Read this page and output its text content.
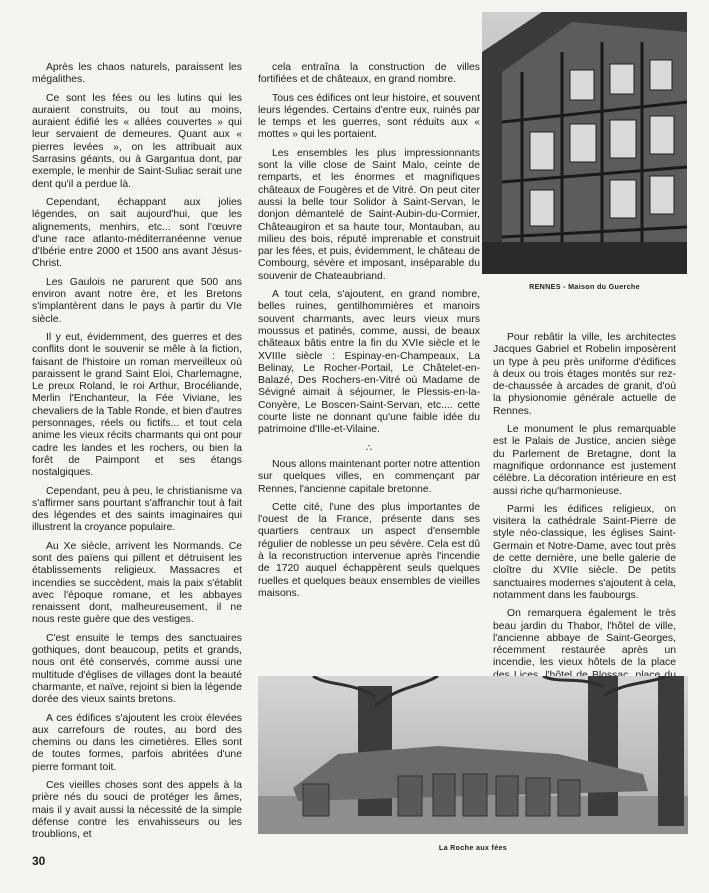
Après les chaos naturels, paraissent les mégalithes.

Ce sont les fées ou les lutins qui les auraient construits, ou tout au moins, auraient édifié les « allées couvertes » qui leur servaient de demeures. Quant aux « pierres levées », on les attribuait aux Sarrasins géants, ou à Gargantua dont, par exemple, le menhir de Saint-Suliac serait une dent qu'il a perdue là.

Cependant, échappant aux jolies légendes, on sait aujourd'hui, que les alignements, menhirs, etc... sont l'œuvre d'une race atlanto-méditerranéenne venue d'Ibérie entre 2000 et 1500 ans avant Jésus-Christ.

Les Gaulois ne parurent que 500 ans environ avant notre ère, et les Bretons s'implantèrent dans le pays à partir du VIe siècle.

Il y eut, évidemment, des guerres et des conflits dont le souvenir se mêle à la fiction, faisant de l'histoire un roman merveilleux où paraissent le grand Saint Eloi, Charlemagne, Le preux Roland, le roi Arthur, Brocéliande, Merlin l'Enchanteur, la Fée Viviane, les chevaliers de la Table Ronde, et bien d'autres personnages, réels ou fictifs... et tout cela anime les vieux récits charmants qui ont pour cadre les landes et les rochers, ou bien la forêt de Paimpont et ses étangs nostalgiques.

Cependant, peu à peu, le christianisme va s'affirmer sans pourtant s'affranchir tout à fait des légendes et des saints imaginaires qui illustrent la croyance populaire.

Au Xe siècle, arrivent les Normands. Ce sont des païens qui pillent et détruisent les établissements religieux. Massacres et incendies se succèdent, mais la paix s'établit avec l'époque romane, et les abbayes renaissent dont, malheureusement, il ne nous reste guère que des vestiges.

C'est ensuite le temps des sanctuaires gothiques, dont beaucoup, petits et grands, nous ont été conservés, comme aussi une multitude d'églises de villages dont la beauté charmante, et naïve, rejoint si bien la légende dorée des vieux saints bretons.

A ces édifices s'ajoutent les croix élevées aux carrefours de routes, au bord des chemins ou dans les cimetières. Elles sont de toutes formes, parfois abritées d'une pierre formant toit.

Ces vieilles choses sont des appels à la prière nés du souci de protéger les âmes, mais il y avait aussi la nécessité de la simple défense contre les envahisseurs ou les troublions, et

cela entraîna la construction de villes fortifiées et de châteaux, en grand nombre.

Tous ces édifices ont leur histoire, et souvent leurs légendes. Certains d'entre eux, ruinés par le temps et les guerres, sont réduits aux « mottes » qui les portaient.

Les ensembles les plus impressionnants sont la ville close de Saint Malo, ceinte de remparts, et les énormes et magnifiques châteaux de Fougères et de Vitré. On peut citer aussi la belle tour Solidor à Saint-Servan, le donjon démantelé de Saint-Aubin-du-Cormier, Châteaugiron et sa haute tour, Montauban, au milieu des bois, réputé imprenable et construit par les fées, et puis, évidemment, le château de Combourg, sévère et imposant, inséparable du souvenir de Chateaubriand.

A tout cela, s'ajoutent, en grand nombre, belles ruines, gentilhommières et manoirs souvent charmants, avec leurs vieux murs moussus et patinés, comme, aussi, de beaux châteaux bâtis entre la fin du XVIe siècle et le XVIIIe siècle : Espinay-en-Champeaux, La Belinay, Le Rocher-Portail, Le Châtelet-en-Balazé, Des Rochers-en-Vitré où Madame de Sévigné aimait à séjourner, le Plessis-en-la-Conyère, Le Boscen-Saint-Servan, etc.... cette courte liste ne donnant qu'une faible idée du patrimoine d'Ille-et-Vilaine.

∴

Nous allons maintenant porter notre attention sur quelques villes, en commençant par Rennes, l'ancienne capitale bretonne.

Cette cité, l'une des plus importantes de l'ouest de la France, présente dans ses quartiers centraux un aspect d'ensemble régulier de noblesse un peu sévère. Cela est dû à la reconstruction intervenue après l'incendie de 1720 auquel échappèrent seuls quelques ruelles et quelques beaux ensembles de vieilles maisons.

RENNES - Maison du Guerche

Pour rebâtir la ville, les architectes Jacques Gabriel et Robelin imposèrent un type à peu près uniforme d'édifices à deux ou trois étages montés sur rez-de-chaussée à arcades de granit, d'où la physionomie générale actuelle de Rennes.

Le monument le plus remarquable est le Palais de Justice, ancien siège du Parlement de Bretagne, dont la magnifique ordonnance est justement célèbre. La décoration intérieure en est aussi riche qu'harmonieuse.

Parmi les édifices religieux, on visitera la cathédrale Saint-Pierre de style néo-classique, les églises Saint-Germain et Notre-Dame, avec tout près de cette dernière, une belle galerie de cloître du XVIIe siècle. De petits sanctuaires modernes s'ajoutent à cela, notamment dans les faubourgs.

On remarquera également le très beau jardin du Thabor, l'hôtel de ville, l'ancienne abbaye de Saint-Georges, récemment restaurée après un incendie, les vieux hôtels de la place

La Roche aux fées
30
